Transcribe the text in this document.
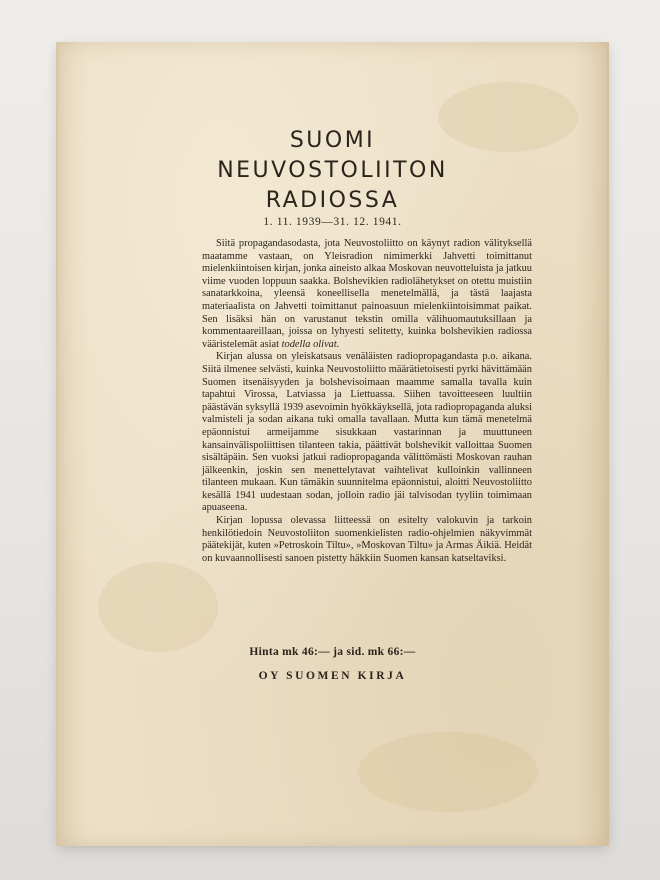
SUOMI
NEUVOSTOLIITON
RADIOSSA
1. 11. 1939—31. 12. 1941.

Siitä propagandasodasta, jota Neuvostoliitto on käynyt radion välityksellä maatamme vastaan, on Yleisradion nimimerkki Jahvetti toimittanut mielenkiintoisen kirjan, jonka aineisto alkaa Moskovan neuvotteluista ja jatkuu viime vuoden loppuun saakka. Bolshevikien radiolähetykset on otettu muistiin sanatarkkoina, yleensä koneellisella menetelmällä, ja tästä laajasta materiaalista on Jahvetti toimittanut painoasuun mielenkiintoisimmat paikat. Sen lisäksi hän on varustanut tekstin omilla välihuomautuksillaan ja kommentaareillaan, joissa on lyhyesti selitetty, kuinka bolshevikien radiossa vääristelemät asiat todella olivat.

Kirjan alussa on yleiskatsaus venäläisten radiopropagandasta p.o. aikana. Siitä ilmenee selvästi, kuinka Neuvostoliitto määrätietoisesti pyrki hävittämään Suomen itsenäisyyden ja bolshevisoimaan maamme samalla tavalla kuin tapahtui Virossa, Latviassa ja Liettuassa. Siihen tavoitteeseen luultiin päästävän syksyllä 1939 asevoimin hyökkäyksellä, jota radiopropaganda aluksi valmisteli ja sodan aikana tuki omalla tavallaan. Mutta kun tämä menetelmä epäonnistui armeijamme sisukkaan vastarinnan ja muuttuneen kansainvälispoliittisen tilanteen takia, päättivät bolshevikit valloittaa Suomen sisältäpäin. Sen vuoksi jatkui radiopropaganda välittömästi Moskovan rauhan jälkeenkin, joskin sen menettelytavat vaihtelivat kulloinkin vallinneen tilanteen mukaan. Kun tämäkin suunnitelma epäonnistui, aloitti Neuvostoliitto kesällä 1941 uudestaan sodan, jolloin radio jäi talvisodan tyyliin toimimaan apuaseena.

Kirjan lopussa olevassa liitteessä on esitelty valokuvin ja tarkoin henkilötiedoin Neuvostoliiton suomenkielisten radio-ohjelmien näkyvimmät päätekijät, kuten »Petroskoin Tiltu», »Moskovan Tiltu» ja Armas Äikiä. Heidät on kuvaannollisesti sanoen pistetty häkkiin Suomen kansan katseltaviksi.

Hinta mk 46:— ja sid. mk 66:—
OY SUOMEN KIRJA
